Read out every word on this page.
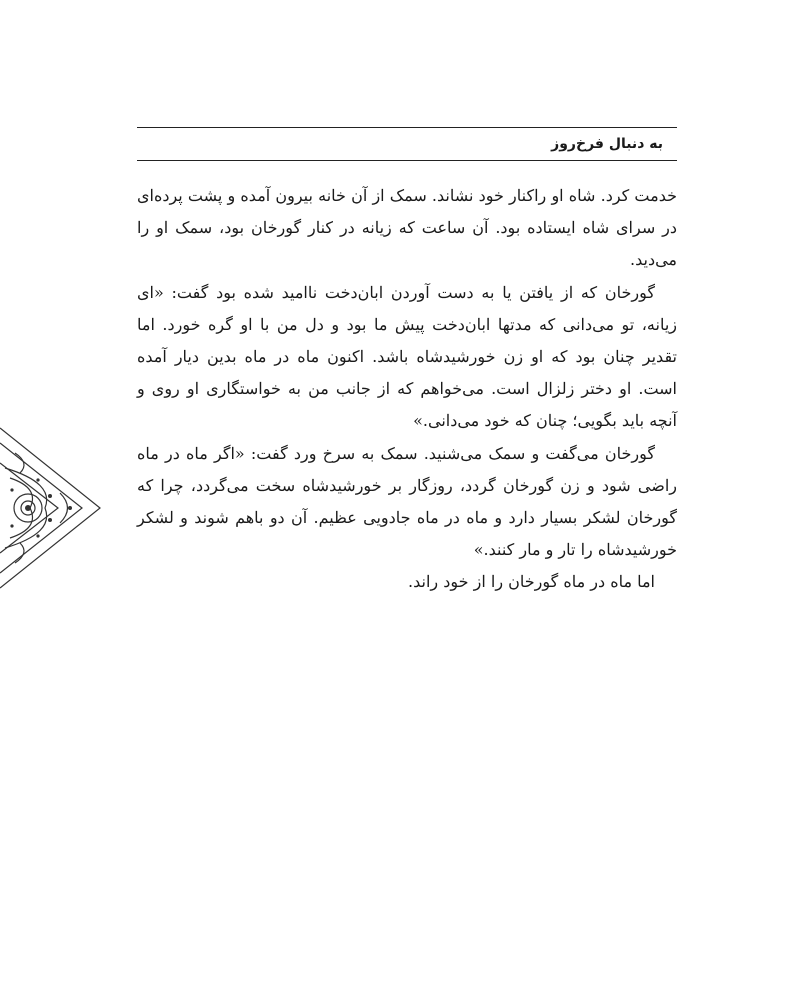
به دنبال فرخ‌روز

خدمت کرد. شاه او راکنار خود نشاند. سمک از آن خانه بیرون آمده و پشت پرده‌ای در سرای شاه ایستاده بود. آن ساعت که زیانه در کنار گورخان بود، سمک او را می‌دید.

گورخان که از یافتن یا به دست آوردن ابان‌دخت ناامید شده بود گفت: «ای زیانه، تو می‌دانی که مدتها ابان‌دخت پیش ما بود و دل من با او گره خورد. اما تقدیر چنان بود که او زن خورشیدشاه باشد. اکنون ماه در ماه بدین دیار آمده است. او دختر زلزال است. می‌خواهم که از جانب من به خواستگاری او روی و آنچه باید بگویی؛ چنان که خود می‌دانی.»

گورخان می‌گفت و سمک می‌شنید. سمک به سرخ ورد گفت: «اگر ماه در ماه راضی شود و زن گورخان گردد، روزگار بر خورشیدشاه سخت می‌گردد، چرا که گورخان لشکر بسیار دارد و ماه در ماه جادویی عظیم. آن دو باهم شوند و لشکر خورشیدشاه را تار و مار کنند.»

اما ماه در ماه گورخان را از خود راند.
